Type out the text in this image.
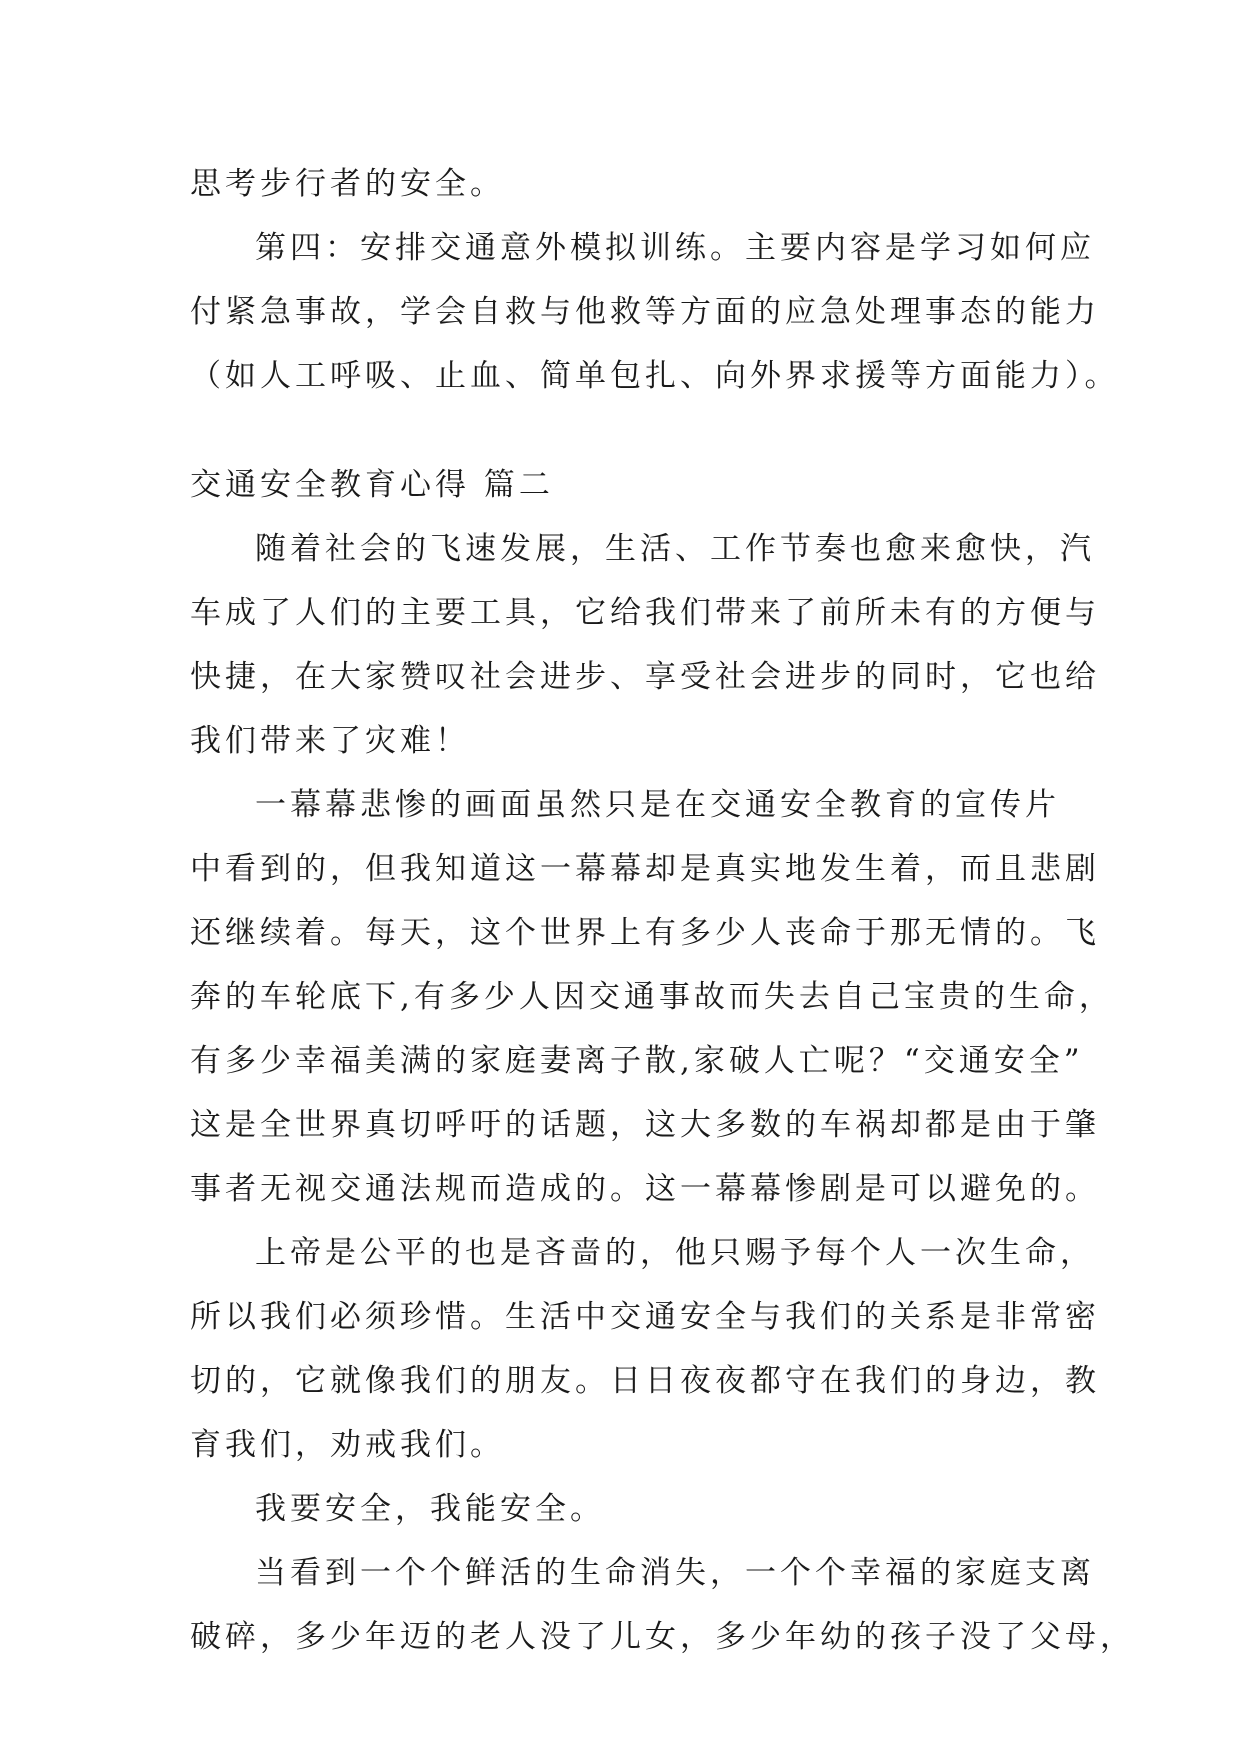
思考步行者的安全。
第四：安排交通意外模拟训练。主要内容是学习如何应
付紧急事故，学会自救与他救等方面的应急处理事态的能力
（如人工呼吸、止血、简单包扎、向外界求援等方面能力）。
交通安全教育心得 篇二
随着社会的飞速发展，生活、工作节奏也愈来愈快，汽
车成了人们的主要工具，它给我们带来了前所未有的方便与
快捷，在大家赞叹社会进步、享受社会进步的同时，它也给
我们带来了灾难！
一幕幕悲惨的画面虽然只是在交通安全教育的宣传片
中看到的，但我知道这一幕幕却是真实地发生着，而且悲剧
还继续着。每天，这个世界上有多少人丧命于那无情的。飞
奔的车轮底下,有多少人因交通事故而失去自己宝贵的生命，
有多少幸福美满的家庭妻离子散,家破人亡呢？“交通安全”
这是全世界真切呼吁的话题，这大多数的车祸却都是由于肇
事者无视交通法规而造成的。这一幕幕惨剧是可以避免的。
上帝是公平的也是吝啬的，他只赐予每个人一次生命，
所以我们必须珍惜。生活中交通安全与我们的关系是非常密
切的，它就像我们的朋友。日日夜夜都守在我们的身边，教
育我们，劝戒我们。
我要安全，我能安全。
当看到一个个鲜活的生命消失，一个个幸福的家庭支离
破碎，多少年迈的老人没了儿女，多少年幼的孩子没了父母，
